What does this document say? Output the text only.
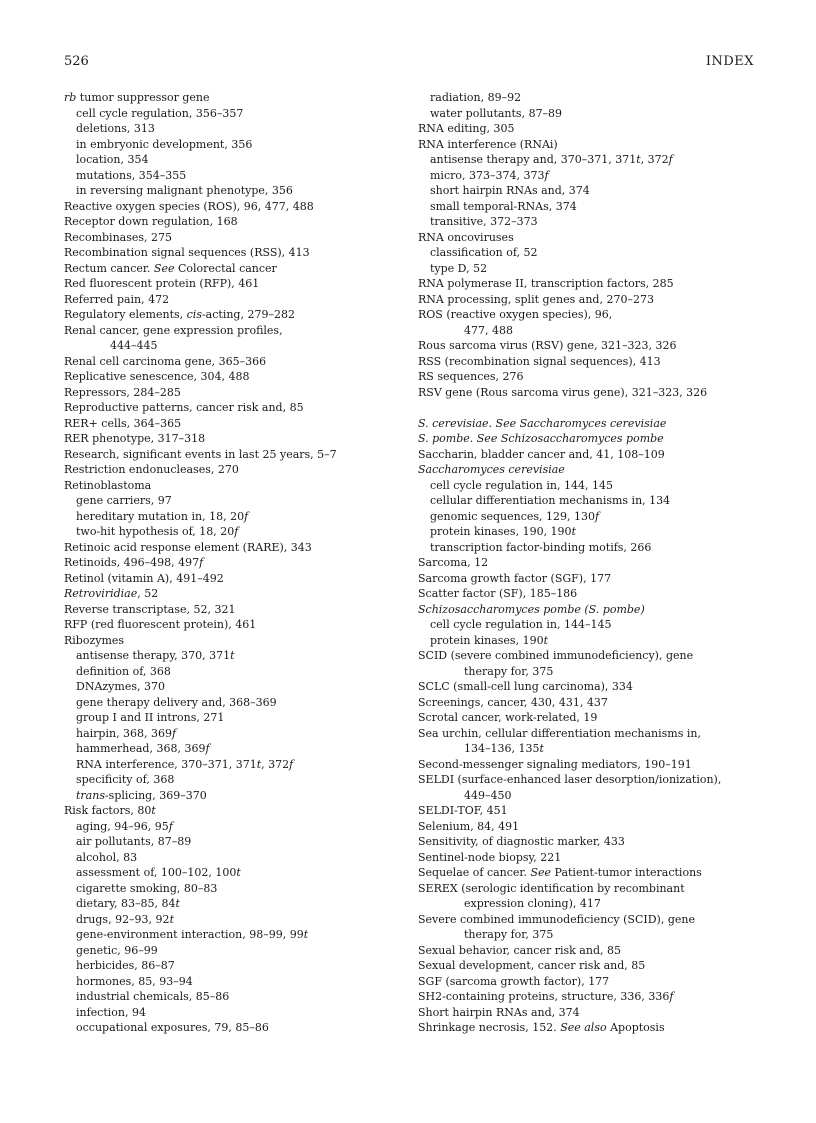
526	INDEX
rb tumor suppressor gene
cell cycle regulation, 356–357
deletions, 313
in embryonic development, 356
location, 354
mutations, 354–355
in reversing malignant phenotype, 356
Reactive oxygen species (ROS), 96, 477, 488
Receptor down regulation, 168
Recombinases, 275
Recombination signal sequences (RSS), 413
Rectum cancer. See Colorectal cancer
Red fluorescent protein (RFP), 461
Referred pain, 472
Regulatory elements, cis-acting, 279–282
Renal cancer, gene expression profiles,
444–445
Renal cell carcinoma gene, 365–366
Replicative senescence, 304, 488
Repressors, 284–285
Reproductive patterns, cancer risk and, 85
RER+ cells, 364–365
RER phenotype, 317–318
Research, significant events in last 25 years, 5–7
Restriction endonucleases, 270
Retinoblastoma
gene carriers, 97
hereditary mutation in, 18, 20f
two-hit hypothesis of, 18, 20f
Retinoic acid response element (RARE), 343
Retinoids, 496–498, 497f
Retinol (vitamin A), 491–492
Retroviridiae, 52
Reverse transcriptase, 52, 321
RFP (red fluorescent protein), 461
Ribozymes
antisense therapy, 370, 371t
definition of, 368
DNAzymes, 370
gene therapy delivery and, 368–369
group I and II introns, 271
hairpin, 368, 369f
hammerhead, 368, 369f
RNA interference, 370–371, 371t, 372f
specificity of, 368
trans-splicing, 369–370
Risk factors, 80t
aging, 94–96, 95f
air pollutants, 87–89
alcohol, 83
assessment of, 100–102, 100t
cigarette smoking, 80–83
dietary, 83–85, 84t
drugs, 92–93, 92t
gene-environment interaction, 98–99, 99t
genetic, 96–99
herbicides, 86–87
hormones, 85, 93–94
industrial chemicals, 85–86
infection, 94
occupational exposures, 79, 85–86
radiation, 89–92
water pollutants, 87–89
RNA editing, 305
RNA interference (RNAi)
antisense therapy and, 370–371, 371t, 372f
micro, 373–374, 373f
short hairpin RNAs and, 374
small temporal-RNAs, 374
transitive, 372–373
RNA oncoviruses
classification of, 52
type D, 52
RNA polymerase II, transcription factors, 285
RNA processing, split genes and, 270–273
ROS (reactive oxygen species), 96,
477, 488
Rous sarcoma virus (RSV) gene, 321–323, 326
RSS (recombination signal sequences), 413
RS sequences, 276
RSV gene (Rous sarcoma virus gene), 321–323, 326
S. cerevisiae. See Saccharomyces cerevisiae
S. pombe. See Schizosaccharomyces pombe
Saccharin, bladder cancer and, 41, 108–109
Saccharomyces cerevisiae
cell cycle regulation in, 144, 145
cellular differentiation mechanisms in, 134
genomic sequences, 129, 130f
protein kinases, 190, 190t
transcription factor-binding motifs, 266
Sarcoma, 12
Sarcoma growth factor (SGF), 177
Scatter factor (SF), 185–186
Schizosaccharomyces pombe (S. pombe)
cell cycle regulation in, 144–145
protein kinases, 190t
SCID (severe combined immunodeficiency), gene
therapy for, 375
SCLC (small-cell lung carcinoma), 334
Screenings, cancer, 430, 431, 437
Scrotal cancer, work-related, 19
Sea urchin, cellular differentiation mechanisms in,
134–136, 135t
Second-messenger signaling mediators, 190–191
SELDI (surface-enhanced laser desorption/ionization),
449–450
SELDI-TOF, 451
Selenium, 84, 491
Sensitivity, of diagnostic marker, 433
Sentinel-node biopsy, 221
Sequelae of cancer. See Patient-tumor interactions
SEREX (serologic identification by recombinant
expression cloning), 417
Severe combined immunodeficiency (SCID), gene
therapy for, 375
Sexual behavior, cancer risk and, 85
Sexual development, cancer risk and, 85
SGF (sarcoma growth factor), 177
SH2-containing proteins, structure, 336, 336f
Short hairpin RNAs and, 374
Shrinkage necrosis, 152. See also Apoptosis
